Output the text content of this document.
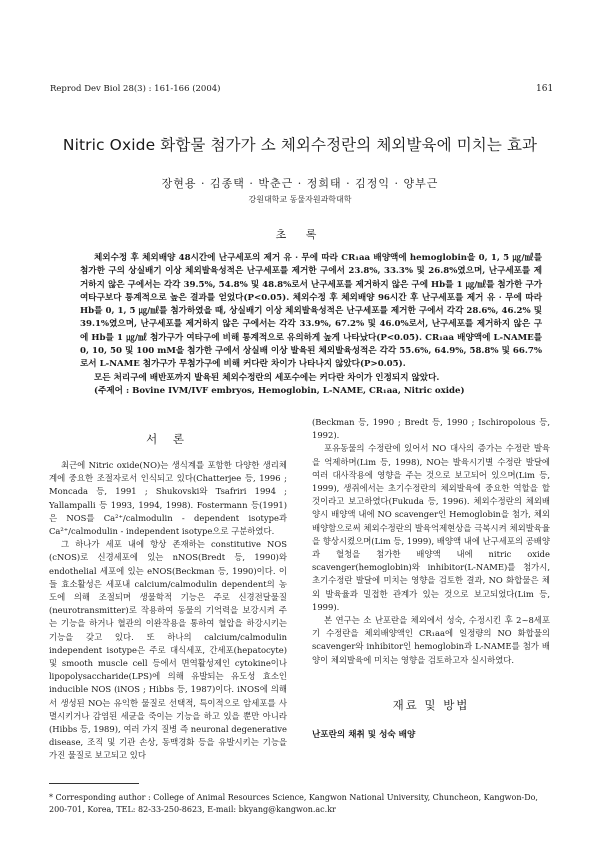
Reprod Dev Biol 28(3) : 161-166 (2004)	161
Nitric Oxide 화합물 첨가가 소 체외수정란의 체외발육에 미치는 효과
장현용 · 김종택 · 박춘근 · 정희태 · 김정익 · 양부근
강원대학교 동물자원과학대학
초 록

체외수정 후 체외배양 48시간에 난구세포의 제거 유 · 무에 따라 CR₁aa 배양액에 hemoglobin을 0, 1, 5 ㎍/㎖를 첨가한 구의 상실배기 이상 체외발육성적은 난구세포를 제거한 구에서 23.8%, 33.3% 및 26.8%였으며, 난구세포를 제거하지 않은 구에서는 각각 39.5%, 54.8% 및 48.8%로서 난구세포를 제거하지 않은 구에 Hb를 1 ㎍/㎖를 첨가한 구가 여타구보다 통계적으로 높은 결과를 얻었다(P<0.05). 체외수정 후 체외배양 96시간 후 난구세포를 제거 유 · 무에 따라 Hb를 0, 1, 5 ㎍/㎖를 첨가하였을 때, 상실배기 이상 체외발육성적은 난구세포를 제거한 구에서 각각 28.6%, 46.2% 및 39.1%였으며, 난구세포를 제거하지 않은 구에서는 각각 33.9%, 67.2% 및 46.0%로서, 난구세포를 제거하지 않은 구에 Hb를 1 ㎍/㎖ 첨가구가 여타구에 비해 통계적으로 유의하게 높게 나타났다(P<0.05). CR₁aa 배양액에 L-NAME를 0, 10, 50 및 100 mM을 첨가한 구에서 상실배 이상 발육된 체외발육성적은 각각 55.6%, 64.9%, 58.8% 및 66.7%로서 L-NAME 첨가구가 무첨가구에 비해 커다란 차이가 나타나지 않았다(P>0.05).

모든 처리구에 배반포까지 발육된 체외수정란의 세포수에는 커다란 차이가 인정되지 않았다.

(주제어 : Bovine IVM/IVF embryos, Hemoglobin, L-NAME, CR₁aa, Nitric oxide)

서 론

최근에 Nitric oxide(NO)는 생식계를 포함한 다양한 생리체계에 중요한 조절자로서 인식되고 있다(Chatterjee 등, 1996 ; Moncada 등, 1991 ; Shukovski와 Tsafriri 1994 ; Yallampalli 등 1993, 1994, 1998). Fostermann 등(1991)은 NOS를 Ca²⁺/calmodulin - dependent isotype과 Ca²⁺/calmodulin - independent isotype으로 구분하였다.

그 하나가 세포 내에 항상 존재하는 constitutive NOS (cNOS)로 신경세포에 있는 nNOS(Bredt 등, 1990)와 endothelial 세포에 있는 eNOS(Beckman 등, 1990)이다. 이들 효소활성은 세포내 calcium/calmodulin dependent의 농도에 의해 조절되며 생물학적 기능은 주로 신경전달물질(neurotransmitter)로 작용하여 동물의 기억력을 보강시켜 주는 기능을 하거나 혈관의 이완작용을 통하여 혈압을 하강시키는 기능을 갖고 있다. 또 하나의 calcium/calmodulin independent isotype은 주로 대식세포, 간세포(hepatocyte) 및 smooth muscle cell 등에서 면역활성제인 cytokine이나 lipopolysaccharide(LPS)에 의해 유발되는 유도성 효소인 inducible NOS (iNOS ; Hibbs 등, 1987)이다. iNOS에 의해서 생성된 NO는 유익한 물질로 선택적, 특이적으로 암세포를 사멸시키거나 감염된 세균을 죽이는 기능을 하고 있을 뿐만 아니라(Hibbs 등, 1989), 여러 가지 질병 즉 neuronal degenerative disease, 조직 및 기관 손상, 동맥경화 등을 유발시키는 기능을 가진 물질로 보고되고 있다

(Beckman 등, 1990 ; Bredt 등, 1990 ; Ischiropolous 등, 1992).

포유동물의 수정란에 있어서 NO 대사의 증가는 수정란 발육을 억제하며(Lim 등, 1998), NO는 발육시기별 수정란 발달에 여러 대사작용에 영향을 주는 것으로 보고되어 있으며(Lim 등, 1999), 생쥐에서는 초기수정란의 체외발육에 중요한 역할을 할 것이라고 보고하였다(Fukuda 등, 1996). 체외수정란의 체외배양시 배양액 내에 NO scavenger인 Hemoglobin을 첨가, 체외배양함으로써 체외수정란의 발육억제현상을 극복시켜 체외발육율을 향상시켰으며(Lim 등, 1999), 배양액 내에 난구세포의 공배양과 혈청을 첨가한 배양액 내에 nitric oxide scavenger(hemoglobin)와 inhibitor(L-NAME)를 첨가시, 초기수정란 발달에 미치는 영향을 검토한 결과, NO 화합물은 체외 발육율과 밀접한 관계가 있는 것으로 보고되었다(Lim 등, 1999).

본 연구는 소 난포란을 체외에서 성숙, 수정시킨 후 2~8세포기 수정란을 체외배양액인 CR₁aa에 일정량의 NO 화합물의 scavenger와 inhibitor인 hemoglobin과 L-NAME를 첨가 배양이 체외발육에 미치는 영향을 검토하고자 실시하였다.

재료 및 방법
난포란의 채취 및 성숙 배양
* Corresponding author : College of Animal Resources Science, Kangwon National University, Chuncheon, Kangwon-Do, 200-701, Korea, TEL: 82-33-250-8623, E-mail: bkyang@kangwon.ac.kr
